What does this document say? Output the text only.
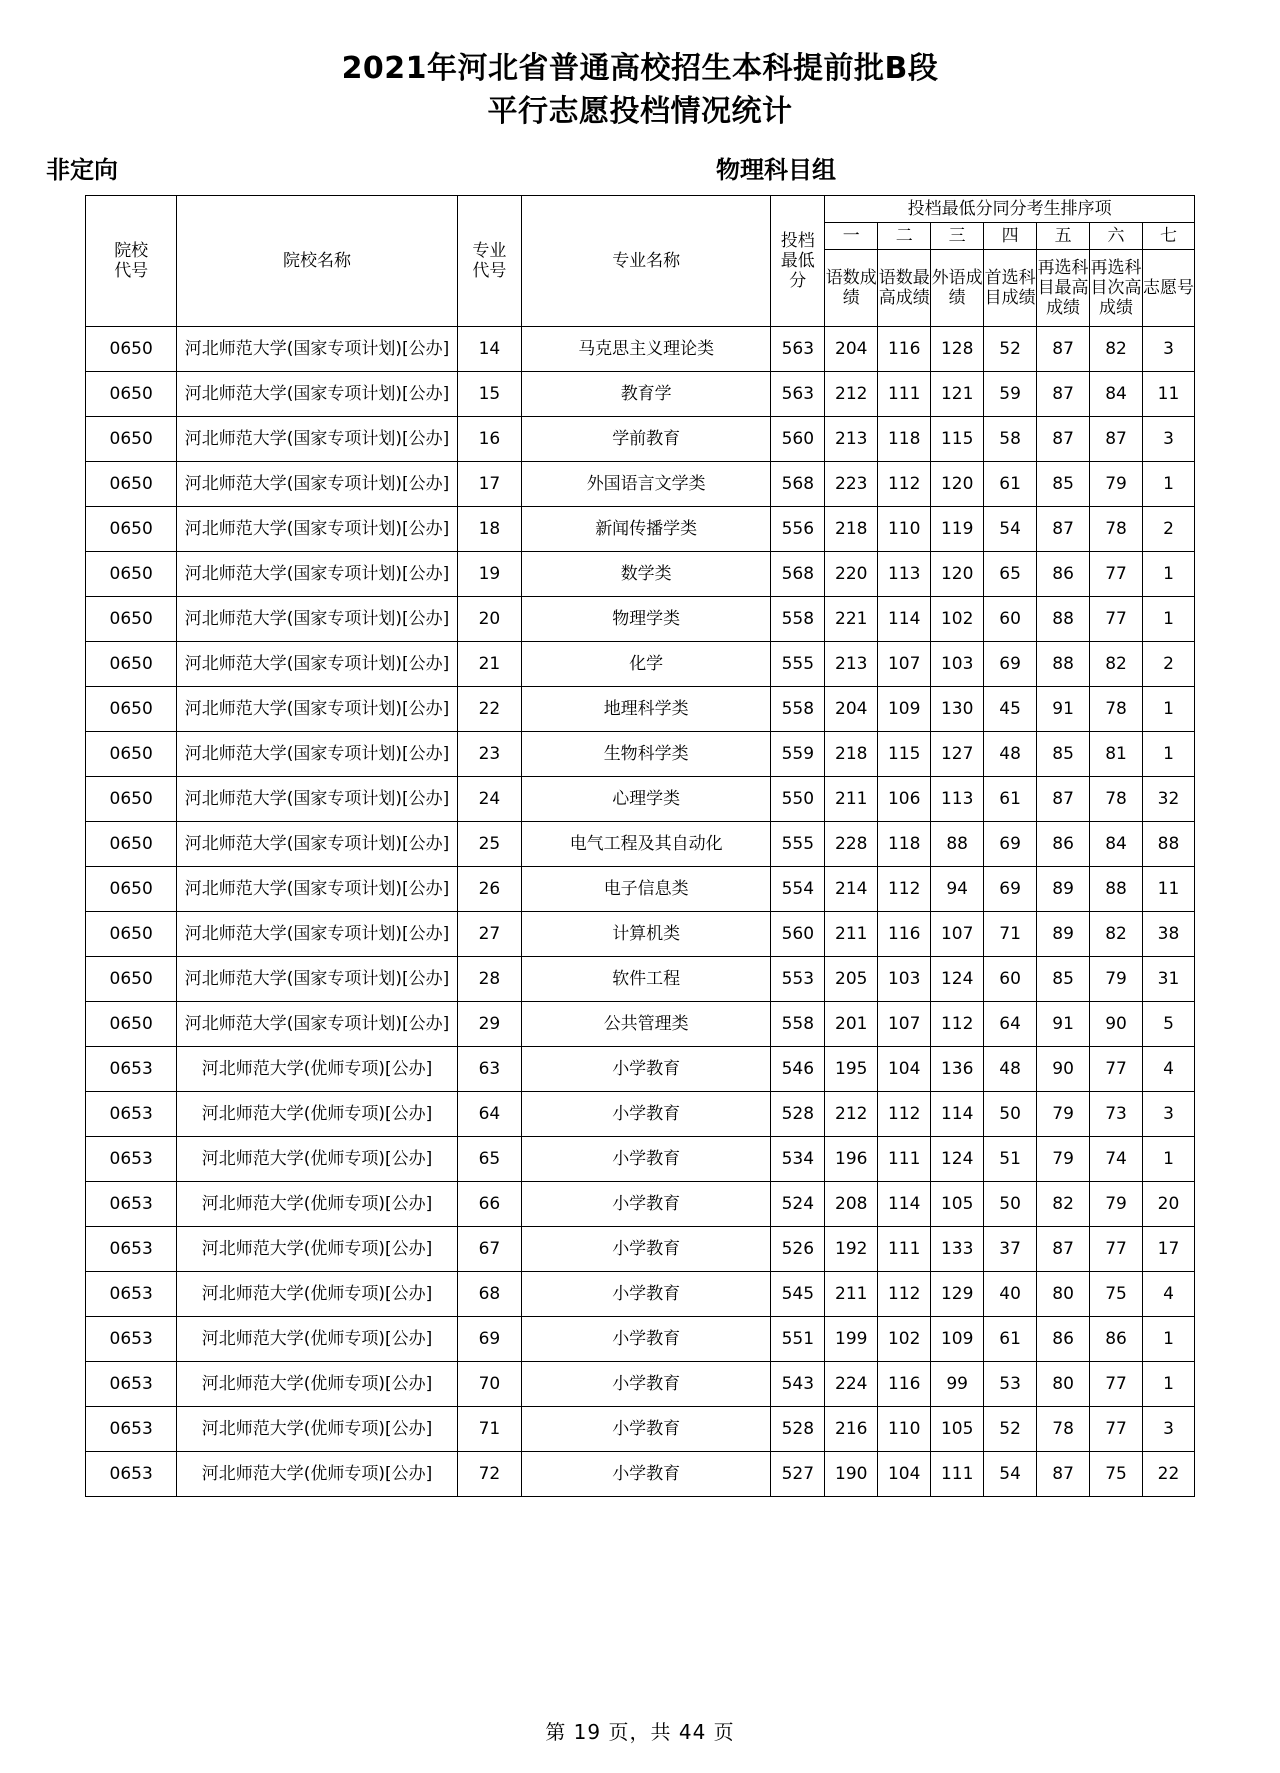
2021年河北省普通高校招生本科提前批B段
平行志愿投档情况统计
非定向	物理科目组
院校
代号
	院校名称	
专业
代号
	专业名称	
投档
最低
分
	投档最低分同分考生排序项
					一	二	三	四	五	六	七
					语数成绩	语数最高成绩	外语成绩	首选科目成绩	再选科目最高成绩	再选科目次高成绩	志愿号
0650	河北师范大学(国家专项计划)[公办]	14	马克思主义理论类	563	204	116	128	52	87	82	3
0650	河北师范大学(国家专项计划)[公办]	15	教育学	563	212	111	121	59	87	84	11
0650	河北师范大学(国家专项计划)[公办]	16	学前教育	560	213	118	115	58	87	87	3
0650	河北师范大学(国家专项计划)[公办]	17	外国语言文学类	568	223	112	120	61	85	79	1
0650	河北师范大学(国家专项计划)[公办]	18	新闻传播学类	556	218	110	119	54	87	78	2
0650	河北师范大学(国家专项计划)[公办]	19	数学类	568	220	113	120	65	86	77	1
0650	河北师范大学(国家专项计划)[公办]	20	物理学类	558	221	114	102	60	88	77	1
0650	河北师范大学(国家专项计划)[公办]	21	化学	555	213	107	103	69	88	82	2
0650	河北师范大学(国家专项计划)[公办]	22	地理科学类	558	204	109	130	45	91	78	1
0650	河北师范大学(国家专项计划)[公办]	23	生物科学类	559	218	115	127	48	85	81	1
0650	河北师范大学(国家专项计划)[公办]	24	心理学类	550	211	106	113	61	87	78	32
0650	河北师范大学(国家专项计划)[公办]	25	电气工程及其自动化	555	228	118	88	69	86	84	88
0650	河北师范大学(国家专项计划)[公办]	26	电子信息类	554	214	112	94	69	89	88	11
0650	河北师范大学(国家专项计划)[公办]	27	计算机类	560	211	116	107	71	89	82	38
0650	河北师范大学(国家专项计划)[公办]	28	软件工程	553	205	103	124	60	85	79	31
0650	河北师范大学(国家专项计划)[公办]	29	公共管理类	558	201	107	112	64	91	90	5
0653	河北师范大学(优师专项)[公办]	63	小学教育	546	195	104	136	48	90	77	4
0653	河北师范大学(优师专项)[公办]	64	小学教育	528	212	112	114	50	79	73	3
0653	河北师范大学(优师专项)[公办]	65	小学教育	534	196	111	124	51	79	74	1
0653	河北师范大学(优师专项)[公办]	66	小学教育	524	208	114	105	50	82	79	20
0653	河北师范大学(优师专项)[公办]	67	小学教育	526	192	111	133	37	87	77	17
0653	河北师范大学(优师专项)[公办]	68	小学教育	545	211	112	129	40	80	75	4
0653	河北师范大学(优师专项)[公办]	69	小学教育	551	199	102	109	61	86	86	1
0653	河北师范大学(优师专项)[公办]	70	小学教育	543	224	116	99	53	80	77	1
0653	河北师范大学(优师专项)[公办]	71	小学教育	528	216	110	105	52	78	77	3
0653	河北师范大学(优师专项)[公办]	72	小学教育	527	190	104	111	54	87	75	22
第 19 页，共 44 页
